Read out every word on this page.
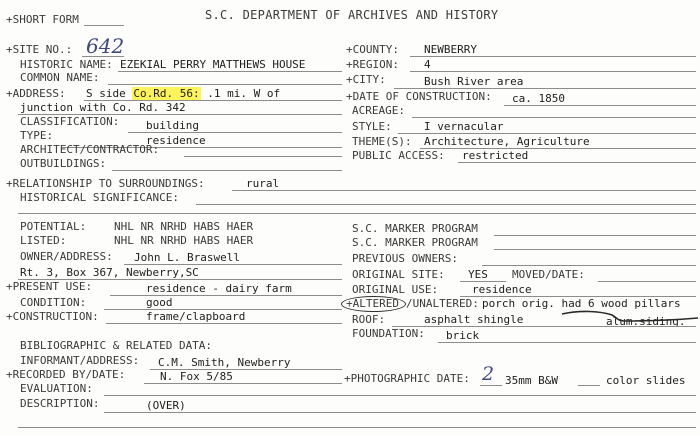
+SHORT FORM	S.C. DEPARTMENT OF ARCHIVES AND HISTORY
+SITE NO.: 642
HISTORIC NAME: EZEKIAL PERRY MATTHEWS HOUSE
COMMON NAME:
+ADDRESS: S side Co.Rd. 56: .1 mi. W of
junction with Co. Rd. 342
CLASSIFICATION: building
TYPE:	residence
ARCHITECT/CONTRACTOR:
OUTBUILDINGS:
+COUNTY: NEWBERRY
+REGION: 4
+CITY:	Bush River area
+DATE OF CONSTRUCTION: ca. 1850
ACREAGE:
STYLE:	I vernacular
THEME(S): Architecture, Agriculture
PUBLIC ACCESS: restricted
+RELATIONSHIP TO SURROUNDINGS:	rural
HISTORICAL SIGNIFICANCE:
POTENTIAL:	NHL NR NRHD HABS HAER	S.C. MARKER PROGRAM
LISTED:	NHL NR NRHD HABS HAER	S.C. MARKER PROGRAM
OWNER/ADDRESS: John L. Braswell
Rt. 3, Box 367, Newberry,SC
PREVIOUS OWNERS:
ORIGINAL SITE: YES MOVED/DATE:
+PRESENT USE:	residence - dairy farm	ORIGINAL USE:	residence
CONDITION:	good	+ALTERED /UNALTERED: porch orig. had 6 wood pillars
+CONSTRUCTION:	frame/clapboard	ROOF:	asphalt shingle	alum.siding.
FOUNDATION: brick
BIBLIOGRAPHIC & RELATED DATA:
INFORMANT/ADDRESS: C.M. Smith, Newberry
+RECORDED BY/DATE:	N. Fox 5/85	+PHOTOGRAPHIC DATE: 2 35mm B&W	color slides
EVALUATION:
DESCRIPTION:	(OVER)
